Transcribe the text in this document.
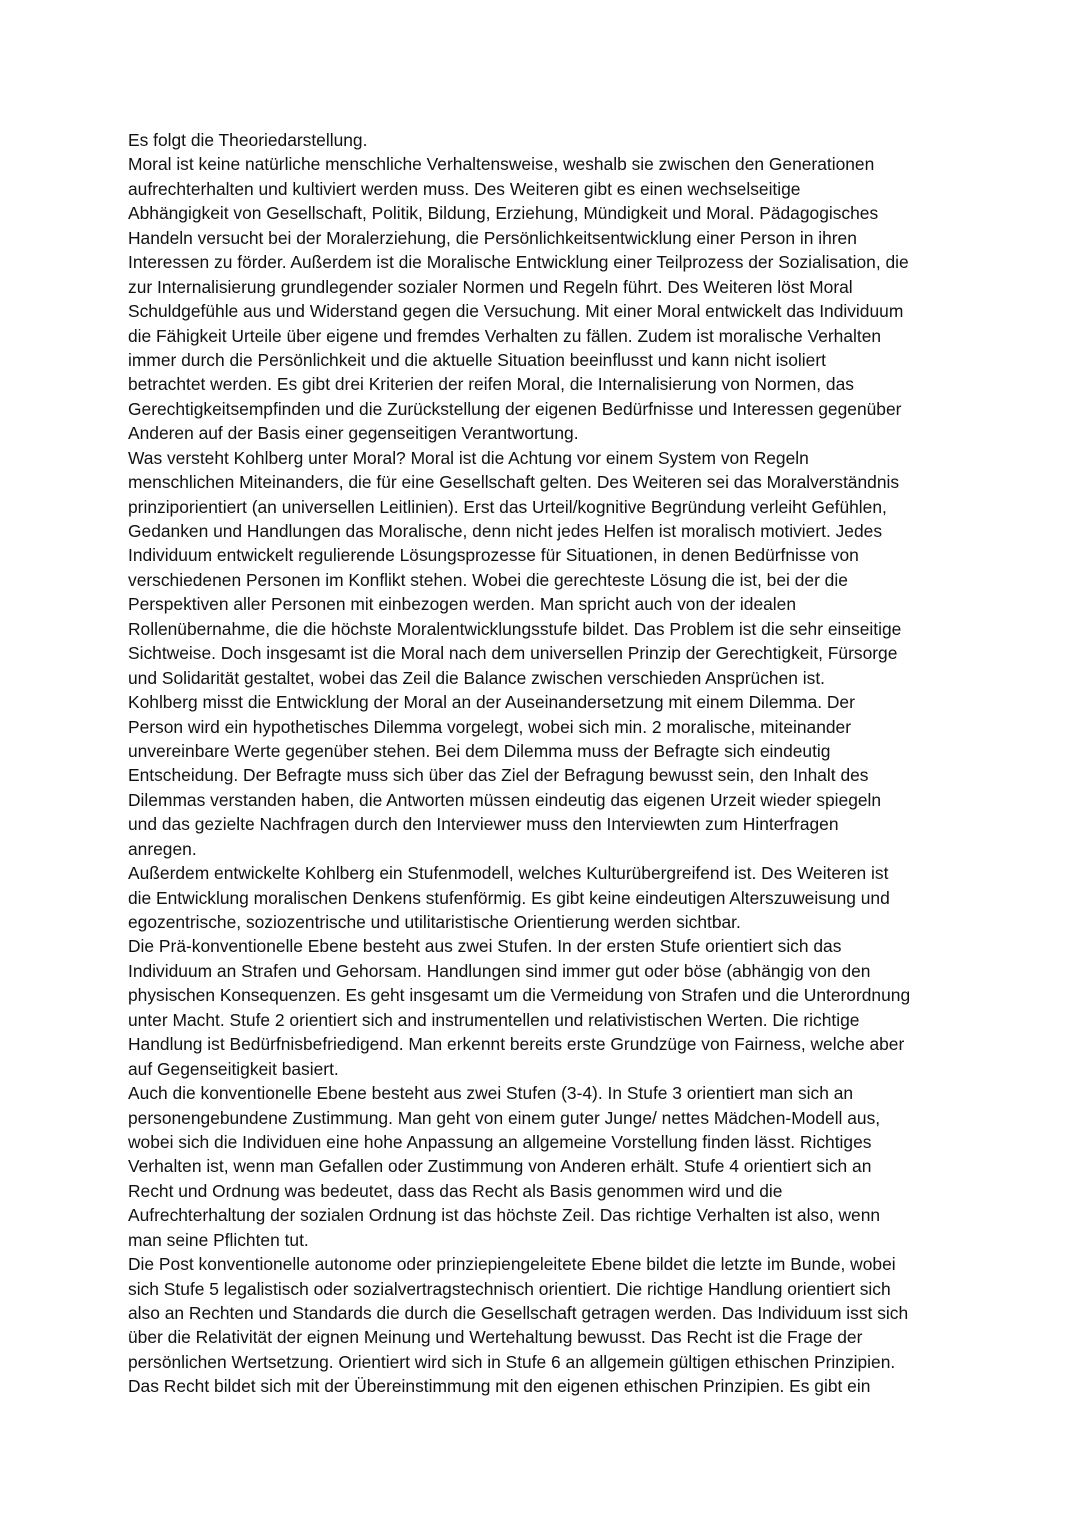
Es folgt die Theoriedarstellung.
Moral ist keine natürliche menschliche Verhaltensweise, weshalb sie zwischen den Generationen
aufrechterhalten und kultiviert werden muss. Des Weiteren gibt es einen wechselseitige
Abhängigkeit von Gesellschaft, Politik, Bildung, Erziehung, Mündigkeit und Moral. Pädagogisches
Handeln versucht bei der Moralerziehung, die Persönlichkeitsentwicklung einer Person in ihren
Interessen zu förder. Außerdem ist die Moralische Entwicklung einer Teilprozess der Sozialisation, die
zur Internalisierung grundlegender sozialer Normen und Regeln führt. Des Weiteren löst Moral
Schuldgefühle aus und Widerstand gegen die Versuchung. Mit einer Moral entwickelt das Individuum
die Fähigkeit Urteile über eigene und fremdes Verhalten zu fällen. Zudem ist moralische Verhalten
immer durch die Persönlichkeit und die aktuelle Situation beeinflusst und kann nicht isoliert
betrachtet werden. Es gibt drei Kriterien der reifen Moral, die Internalisierung von Normen, das
Gerechtigkeitsempfinden und die Zurückstellung der eigenen Bedürfnisse und Interessen gegenüber
Anderen auf der Basis einer gegenseitigen Verantwortung.
Was versteht Kohlberg unter Moral? Moral ist die Achtung vor einem System von Regeln
menschlichen Miteinanders, die für eine Gesellschaft gelten. Des Weiteren sei das Moralverständnis
prinziporientiert (an universellen Leitlinien). Erst das Urteil/kognitive Begründung verleiht Gefühlen,
Gedanken und Handlungen das Moralische, denn nicht jedes Helfen ist moralisch motiviert. Jedes
Individuum entwickelt regulierende Lösungsprozesse für Situationen, in denen Bedürfnisse von
verschiedenen Personen im Konflikt stehen. Wobei die gerechteste Lösung die ist, bei der die
Perspektiven aller Personen mit einbezogen werden. Man spricht auch von der idealen
Rollenübernahme, die die höchste Moralentwicklungsstufe bildet. Das Problem ist die sehr einseitige
Sichtweise. Doch insgesamt ist die Moral nach dem universellen Prinzip der Gerechtigkeit, Fürsorge
und Solidarität gestaltet, wobei das Zeil die Balance zwischen verschieden Ansprüchen ist.
Kohlberg misst die Entwicklung der Moral an der Auseinandersetzung mit einem Dilemma. Der
Person wird ein hypothetisches Dilemma vorgelegt, wobei sich min. 2 moralische, miteinander
unvereinbare Werte gegenüber stehen. Bei dem Dilemma muss der Befragte sich eindeutig
Entscheidung. Der Befragte muss sich über das Ziel der Befragung bewusst sein, den Inhalt des
Dilemmas verstanden haben, die Antworten müssen eindeutig das eigenen Urzeit wieder spiegeln
und das gezielte Nachfragen durch den Interviewer muss den Interviewten zum Hinterfragen
anregen.
Außerdem entwickelte Kohlberg ein Stufenmodell, welches Kulturübergreifend ist. Des Weiteren ist
die Entwicklung moralischen Denkens stufenförmig. Es gibt keine eindeutigen Alterszuweisung und
egozentrische, soziozentrische und utilitaristische Orientierung werden sichtbar.
Die Prä-konventionelle Ebene besteht aus zwei Stufen. In der ersten Stufe orientiert sich das
Individuum an Strafen und Gehorsam. Handlungen sind immer gut oder böse (abhängig von den
physischen Konsequenzen. Es geht insgesamt um die Vermeidung von Strafen und die Unterordnung
unter Macht. Stufe 2 orientiert sich and instrumentellen und relativistischen Werten. Die richtige
Handlung ist Bedürfnisbefriedigend. Man erkennt bereits erste Grundzüge von Fairness, welche aber
auf Gegenseitigkeit basiert.
Auch die konventionelle Ebene besteht aus zwei Stufen (3-4). In Stufe 3 orientiert man sich an
personengebundene Zustimmung. Man geht von einem guter Junge/ nettes Mädchen-Modell aus,
wobei sich die Individuen eine hohe Anpassung an allgemeine Vorstellung finden lässt. Richtiges
Verhalten ist, wenn man Gefallen oder Zustimmung von Anderen erhält. Stufe 4 orientiert sich an
Recht und Ordnung was bedeutet, dass das Recht als Basis genommen wird und die
Aufrechterhaltung der sozialen Ordnung ist das höchste Zeil. Das richtige Verhalten ist also, wenn
man seine Pflichten tut.
Die Post konventionelle autonome oder prinziepiengeleitete Ebene bildet die letzte im Bunde, wobei
sich Stufe 5 legalistisch oder sozialvertragstechnisch orientiert. Die richtige Handlung orientiert sich
also an Rechten und Standards die durch die Gesellschaft getragen werden. Das Individuum isst sich
über die Relativität der eignen Meinung und Wertehaltung bewusst. Das Recht ist die Frage der
persönlichen Wertsetzung. Orientiert wird sich in Stufe 6 an allgemein gültigen ethischen Prinzipien.
Das Recht bildet sich mit der Übereinstimmung mit den eigenen ethischen Prinzipien. Es gibt ein
